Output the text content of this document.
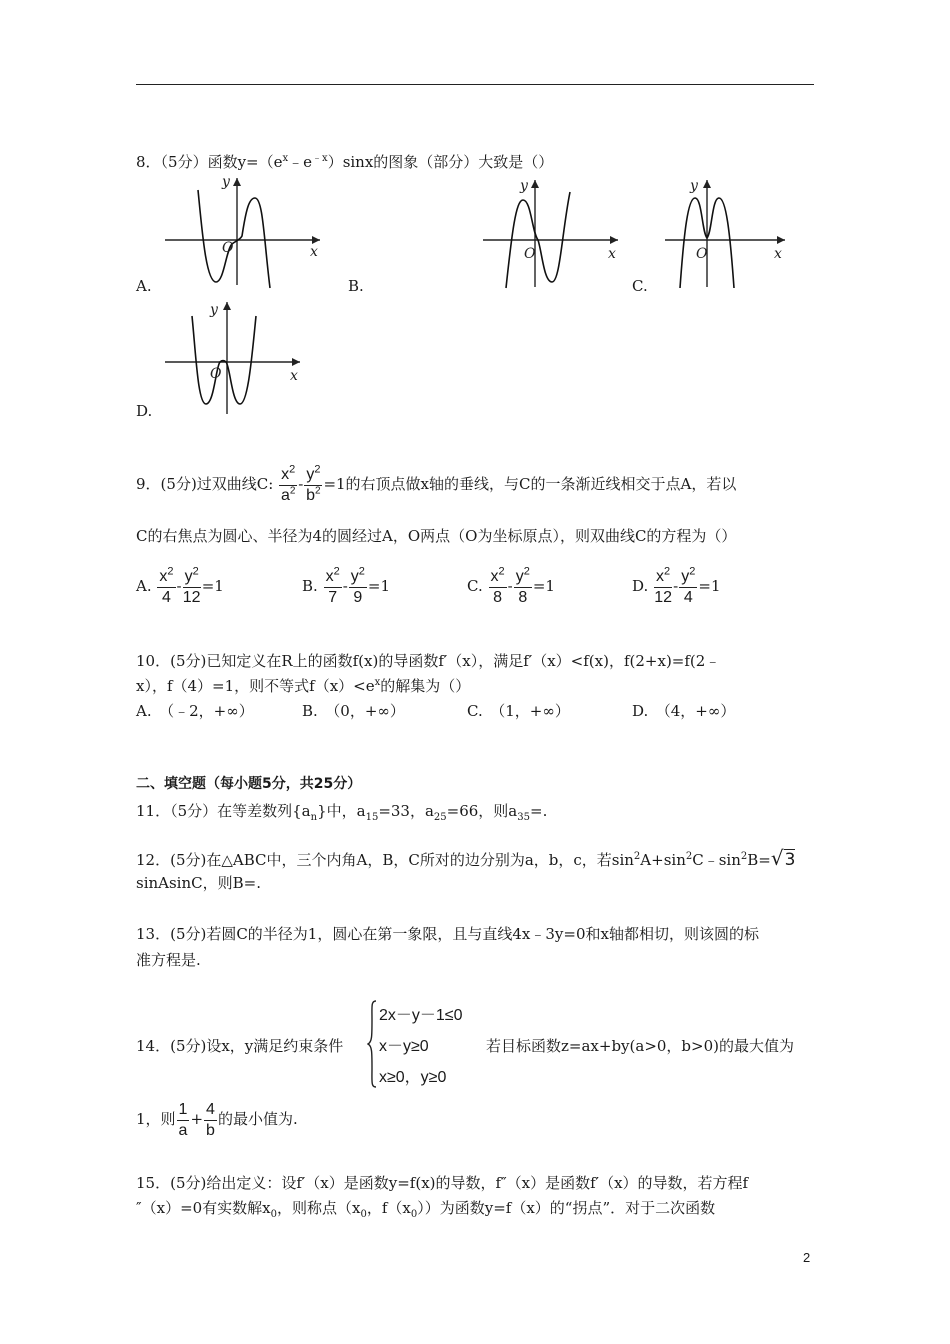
8．（5分）函数$y=(e^x﹣e^{﹣x})\sin x$的图象（部分）大致是（）
O	x
y
A.
O	x
y
B.
O	x
y
C.
O	x
y
D.
9．(5分)过双曲线C: $\frac{x^2}{a^2} - \frac{y^2}{b^2} =1$的右顶点做x轴的垂线，与C的一条渐近线相交于点A，若以
C的右焦点为圆心、半径为4的圆经过A，O两点（O为坐标原点），则双曲线C的方程为（）
A. $\frac{x^2}{4} - \frac{y^2}{12} =1$	B. $\frac{x^2}{7} - \frac{y^2}{9} =1$	C. $\frac{x^2}{8} - \frac{y^2}{8} =1$	D. $\frac{x^2}{12} - \frac{y^2}{4} =1$
10．(5分)已知定义在R上的函数f(x)的导函数f′（x），满足f′（x）<f(x)，f(2+x)=f(2﹣
x），f（4）=1，则不等式$f(x)<e^x$的解集为（）
A.　（﹣2，+∞）	B.　（0，+∞）	C.　（1，+∞）	D.　（4，+∞）
二、填空题（每小题5分，共25分）
11．（5分）在等差数列$\{a_n\}$中，$a_{15}=33$，$a_{25}=66$，则$a_{35}=$.
12．(5分)在△ABC中，三个内角A，B，C所对的边分别为a，b，c，若$\sin^2A+\sin^2C﹣\sin^2B=√3$
sinAsinC，则B=.
13．(5分)若圆C的半径为1，圆心在第一象限，且与直线4x﹣3y=0和x轴都相切，则该圆的标
准方程是.
14．(5分)设x，y满足约束条件
2x－y－1≤0
x－y≥0
x≥0，y≥0
若目标函数z=ax+by(a>0，b>0)的最大值为
1，则 $\frac{1}{a} + \frac{4}{b}$ 的最小值为.
15．(5分)给出定义：设f′（x）是函数y=f(x)的导数，f″（x）是函数f′（x）的导数，若方程f
″（x）=0有实数解$x_0$，则称点（$x_0$，$f(x_0)$）为函数y=f（x）的“拐点”．对于二次函数
2
